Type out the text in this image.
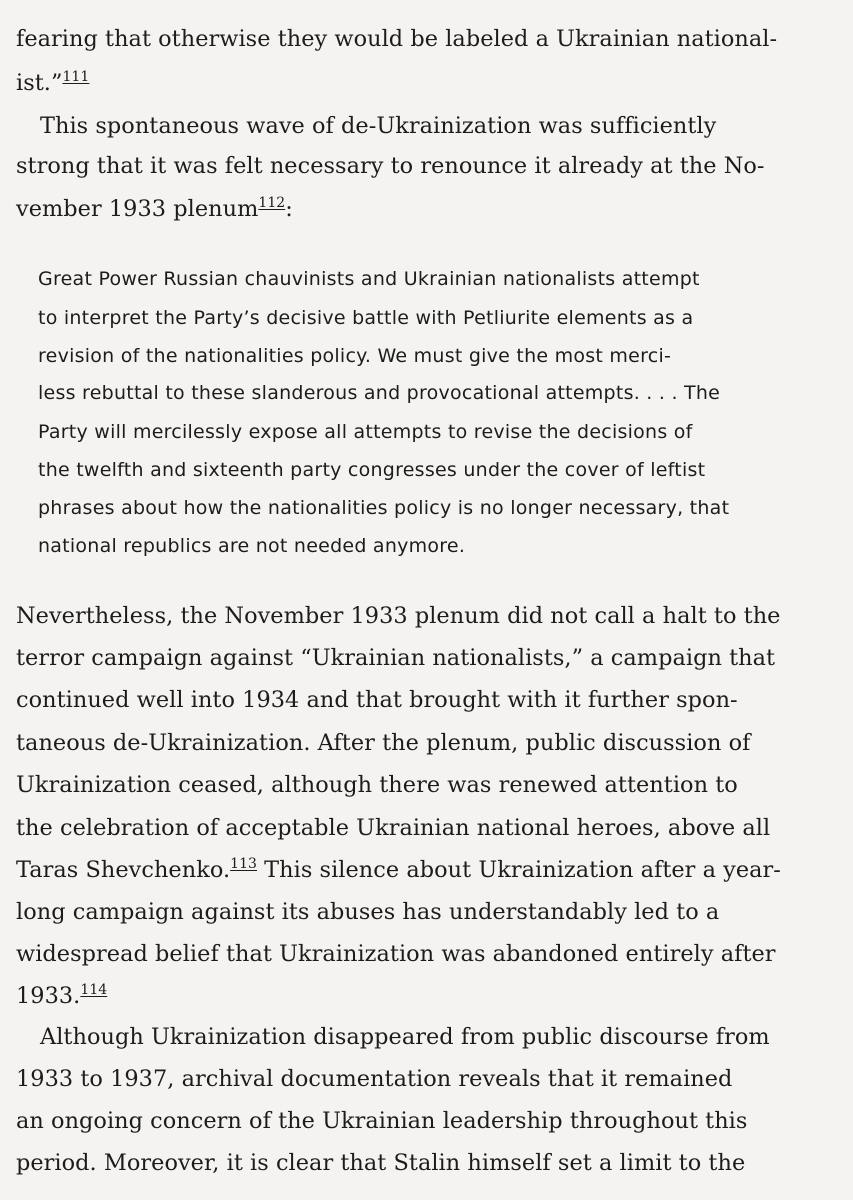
fearing that otherwise they would be labeled a Ukrainian national-

ist.”$^{111}$

This spontaneous wave of de-Ukrainization was sufficiently

strong that it was felt necessary to renounce it already at the No-

vember 1933 plenum$^{112}$:

Great Power Russian chauvinists and Ukrainian nationalists attempt

to interpret the Party’s decisive battle with Petliurite elements as a

revision of the nationalities policy. We must give the most merci-

less rebuttal to these slanderous and provocational attempts. . . . The

Party will mercilessly expose all attempts to revise the decisions of

the twelfth and sixteenth party congresses under the cover of leftist

phrases about how the nationalities policy is no longer necessary, that

national republics are not needed anymore.

Nevertheless, the November 1933 plenum did not call a halt to the

terror campaign against “Ukrainian nationalists,” a campaign that

continued well into 1934 and that brought with it further spon-

taneous de-Ukrainization. After the plenum, public discussion of

Ukrainization ceased, although there was renewed attention to

the celebration of acceptable Ukrainian national heroes, above all

Taras Shevchenko.$^{113}$ This silence about Ukrainization after a year-

long campaign against its abuses has understandably led to a

widespread belief that Ukrainization was abandoned entirely after

1933.$^{114}$

Although Ukrainization disappeared from public discourse from

1933 to 1937, archival documentation reveals that it remained

an ongoing concern of the Ukrainian leadership throughout this

period. Moreover, it is clear that Stalin himself set a limit to the
